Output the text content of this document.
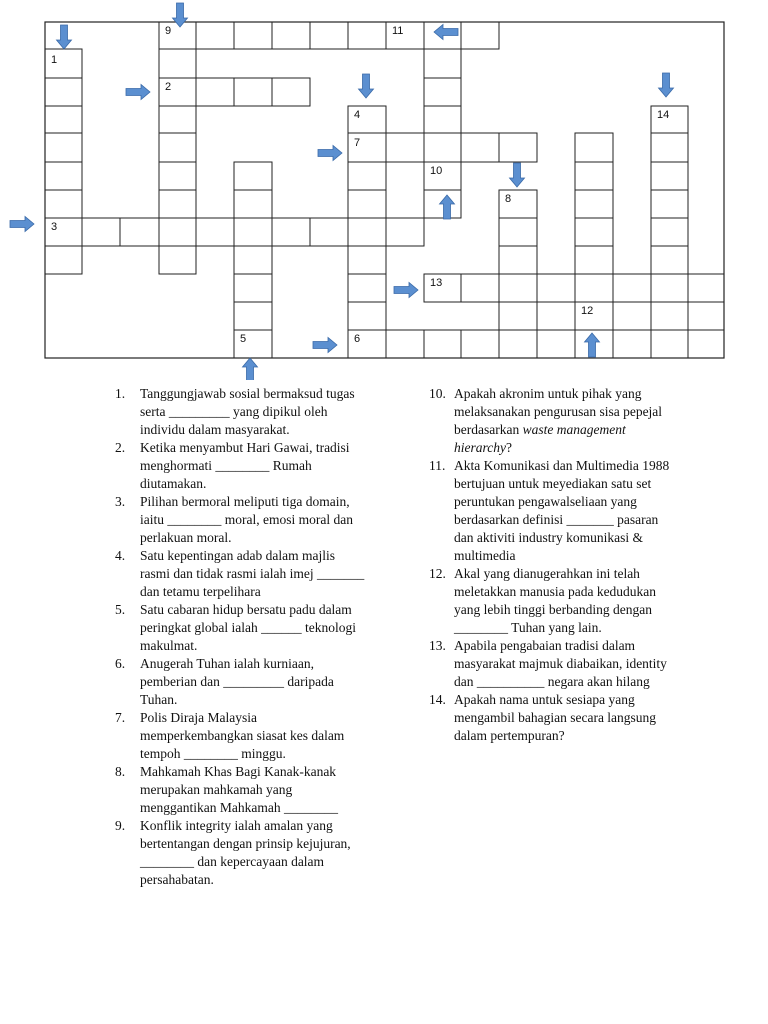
1
2
3
4
5	6
7
8
9
10
11
12
13
14
1. Tanggungjawab sosial bermaksud tugas serta _________ yang dipikul oleh individu dalam masyarakat.
2. Ketika menyambut Hari Gawai, tradisi menghormati ________ Rumah diutamakan.
3. Pilihan bermoral meliputi tiga domain, iaitu ________ moral, emosi moral dan perlakuan moral.
4. Satu kepentingan adab dalam majlis rasmi dan tidak rasmi ialah imej _______ dan tetamu terpelihara
5. Satu cabaran hidup bersatu padu dalam peringkat global ialah ______ teknologi makulmat.
6. Anugerah Tuhan ialah kurniaan, pemberian dan _________ daripada Tuhan.
7. Polis Diraja Malaysia memperkembangkan siasat kes dalam tempoh ________ minggu.
8. Mahkamah Khas Bagi Kanak-kanak merupakan mahkamah yang menggantikan Mahkamah ________
9. Konflik integrity ialah amalan yang bertentangan dengan prinsip kejujuran, ________ dan kepercayaan dalam persahabatan.
10. Apakah akronim untuk pihak yang melaksanakan pengurusan sisa pepejal berdasarkan waste management hierarchy?
11. Akta Komunikasi dan Multimedia 1988 bertujuan untuk meyediakan satu set peruntukan pengawalseliaan yang berdasarkan definisi _______ pasaran dan aktiviti industry komunikasi & multimedia
12. Akal yang dianugerahkan ini telah meletakkan manusia pada kedudukan yang lebih tinggi berbanding dengan ________ Tuhan yang lain.
13. Apabila pengabaian tradisi dalam masyarakat majmuk diabaikan, identity dan __________ negara akan hilang
14. Apakah nama untuk sesiapa yang mengambil bahagian secara langsung dalam pertempuran?
